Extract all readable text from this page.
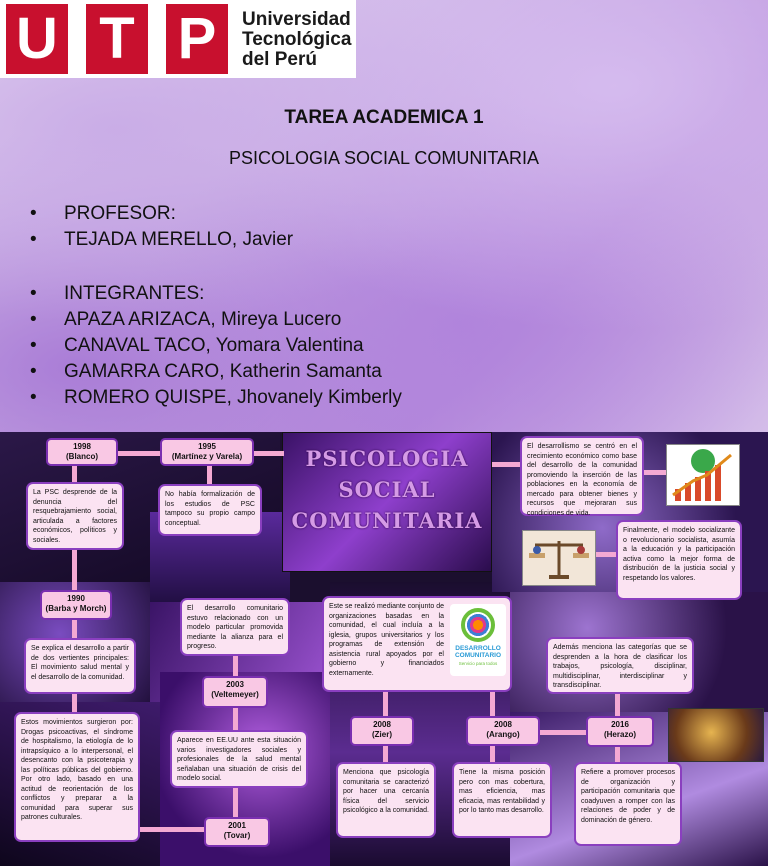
U T P	Universidad
Tecnológica
del Perú
TAREA ACADEMICA 1
PSICOLOGIA SOCIAL COMUNITARIA
• PROFESOR:
• TEJADA MERELLO, Javier
• INTEGRANTES:
• APAZA ARIZACA, Mireya Lucero
• CANAVAL TACO, Yomara Valentina
• GAMARRA CARO, Katherin Samanta
• ROMERO QUISPE, Jhovanely Kimberly
PSICOLOGIA SOCIAL COMUNITARIA
1998
(Blanco)
1995
(Martínez y Varela)
1990
(Barba y Morch)
2003
(Veltemeyer)
2001
(Tovar)
2008
(Zier)
2008
(Arango)
2016
(Herazo)
La PSC desprende de la denuncia del resquebrajamiento social, articulada a factores económicos, políticos y sociales.
No había formalización de los estudios de PSC tampoco su propio campo conceptual.
Se explica el desarrollo a partir de dos vertientes principales: El movimiento salud mental y el desarrollo de la comunidad.
Estos movimientos surgieron por: Drogas psicoactivas, el síndrome de hospitalismo, la etiología de lo intrapsíquico a lo interpersonal, el desencanto con la psicoterapia y las políticas públicas del gobierno. Por otro lado, basado en una actitud de reorientación de los conflictos y preparar a la comunidad para superar sus patrones culturales.
El desarrollo comunitario estuvo relacionado con un modelo particular promovida mediante la alianza para el progreso.
Aparece en EE.UU ante esta situación varios investigadores sociales y profesionales de la salud mental señalaban una situación de crisis del modelo social.
Este se realizó mediante conjunto de organizaciones basadas en la comunidad, el cual incluía a la iglesia, grupos universitarios y los programas de extensión de asistencia rural apoyados por el gobierno y financiados externamente.
DESARROLLO COMUNITARIO
Servicio para todos
El desarrollismo se centró en el crecimiento económico como base del desarrollo de la comunidad promoviendo la inserción de las poblaciones en la economía de mercado para obtener bienes y recursos que mejoraran sus condiciones de vida.
Finalmente, el modelo socializante o revolucionario socialista, asumía a la educación y la participación activa como la mejor forma de distribución de la justicia social y respetando los valores.
Además menciona las categorías que se desprenden a la hora de clasificar los trabajos, psicología, disciplinar, multidisciplinar, interdisciplinar y transdisciplinar.
Menciona que psicología comunitaria se caracterizó por hacer una cercanía física del servicio psicológico a la comunidad.
Tiene la misma posición pero con mas cobertura, mas eficiencia, mas eficacia, mas rentabilidad y por lo tanto mas desarrollo.
Refiere a promover procesos de organización y participación comunitaria que coadyuven a romper con las relaciones de poder y de dominación de género.
